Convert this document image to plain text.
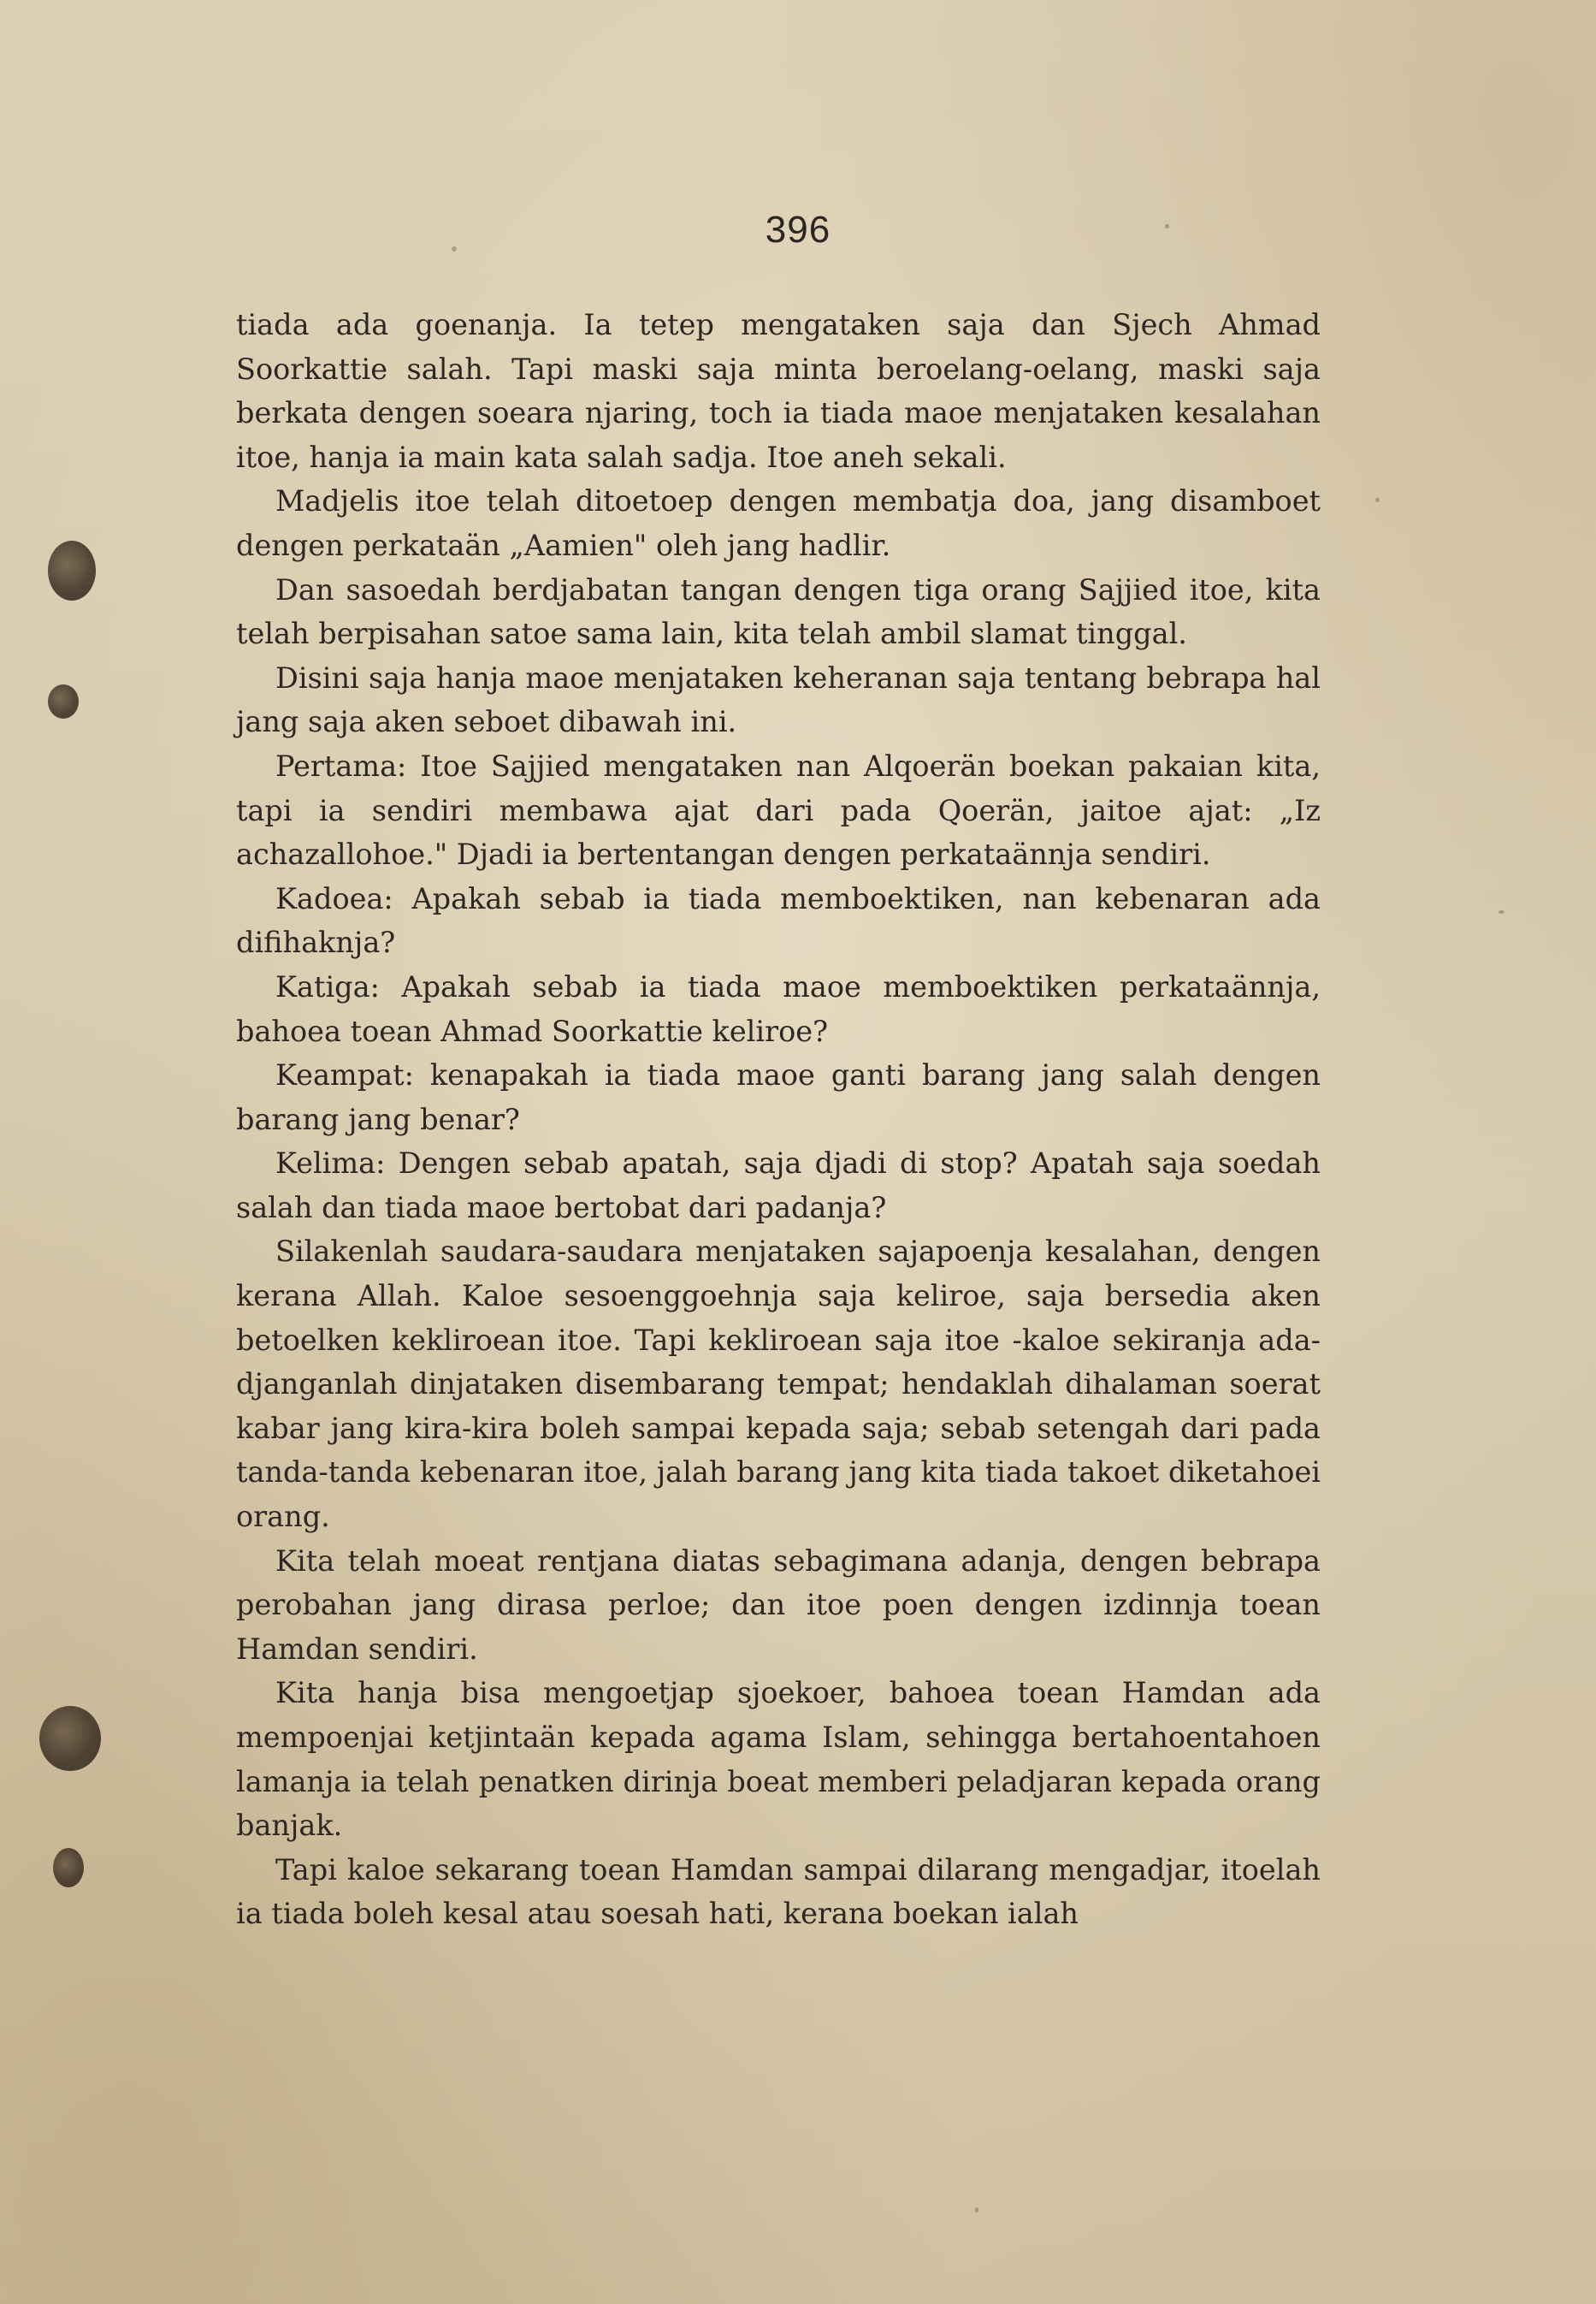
396

tiada ada goenanja. Ia tetep mengataken saja dan Sjech Ahmad Soorkattie salah. Tapi maski saja minta beroelang-oelang, maski saja berkata dengen soeara njaring, toch ia tiada maoe menjataken kesalahan itoe, hanja ia main kata salah sadja. Itoe aneh sekali.

Madjelis itoe telah ditoetoep dengen membatja doa, jang disamboet dengen perkataän „Aamien" oleh jang hadlir.

Dan sasoedah berdjabatan tangan dengen tiga orang Sajjied itoe, kita telah berpisahan satoe sama lain, kita telah ambil slamat tinggal.

Disini saja hanja maoe menjataken keheranan saja tentang bebrapa hal jang saja aken seboet dibawah ini.

Pertama: Itoe Sajjied mengataken nan Alqoerän boekan pakaian kita, tapi ia sendiri membawa ajat dari pada Qoerän, jaitoe ajat: „Iz achazallohoe." Djadi ia bertentangan dengen perkataännja sendiri.

Kadoea: Apakah sebab ia tiada memboektiken, nan kebenaran ada difihaknja?

Katiga: Apakah sebab ia tiada maoe memboektiken perkataännja, bahoea toean Ahmad Soorkattie keliroe?

Keampat: kenapakah ia tiada maoe ganti barang jang salah dengen barang jang benar?

Kelima: Dengen sebab apatah, saja djadi di stop? Apatah saja soedah salah dan tiada maoe bertobat dari padanja?

Silakenlah saudara-saudara menjataken sajapoenja kesalahan, dengen kerana Allah. Kaloe sesoenggoehnja saja keliroe, saja bersedia aken betoelken kekliroean itoe. Tapi kekliroean saja itoe -kaloe sekiranja ada- djanganlah dinjataken disembarang tempat; hendaklah dihalaman soerat kabar jang kira-kira boleh sampai kepada saja; sebab setengah dari pada tanda-tanda kebenaran itoe, jalah barang jang kita tiada takoet diketahoei orang.

Kita telah moeat rentjana diatas sebagimana adanja, dengen bebrapa perobahan jang dirasa perloe; dan itoe poen dengen izdinnja toean Hamdan sendiri.

Kita hanja bisa mengoetjap sjoekoer, bahoea toean Hamdan ada mempoenjai ketjintaän kepada agama Islam, sehingga bertahoentahoen lamanja ia telah penatken dirinja boeat memberi peladjaran kepada orang banjak.

Tapi kaloe sekarang toean Hamdan sampai dilarang mengadjar, itoelah ia tiada boleh kesal atau soesah hati, kerana boekan ialah
